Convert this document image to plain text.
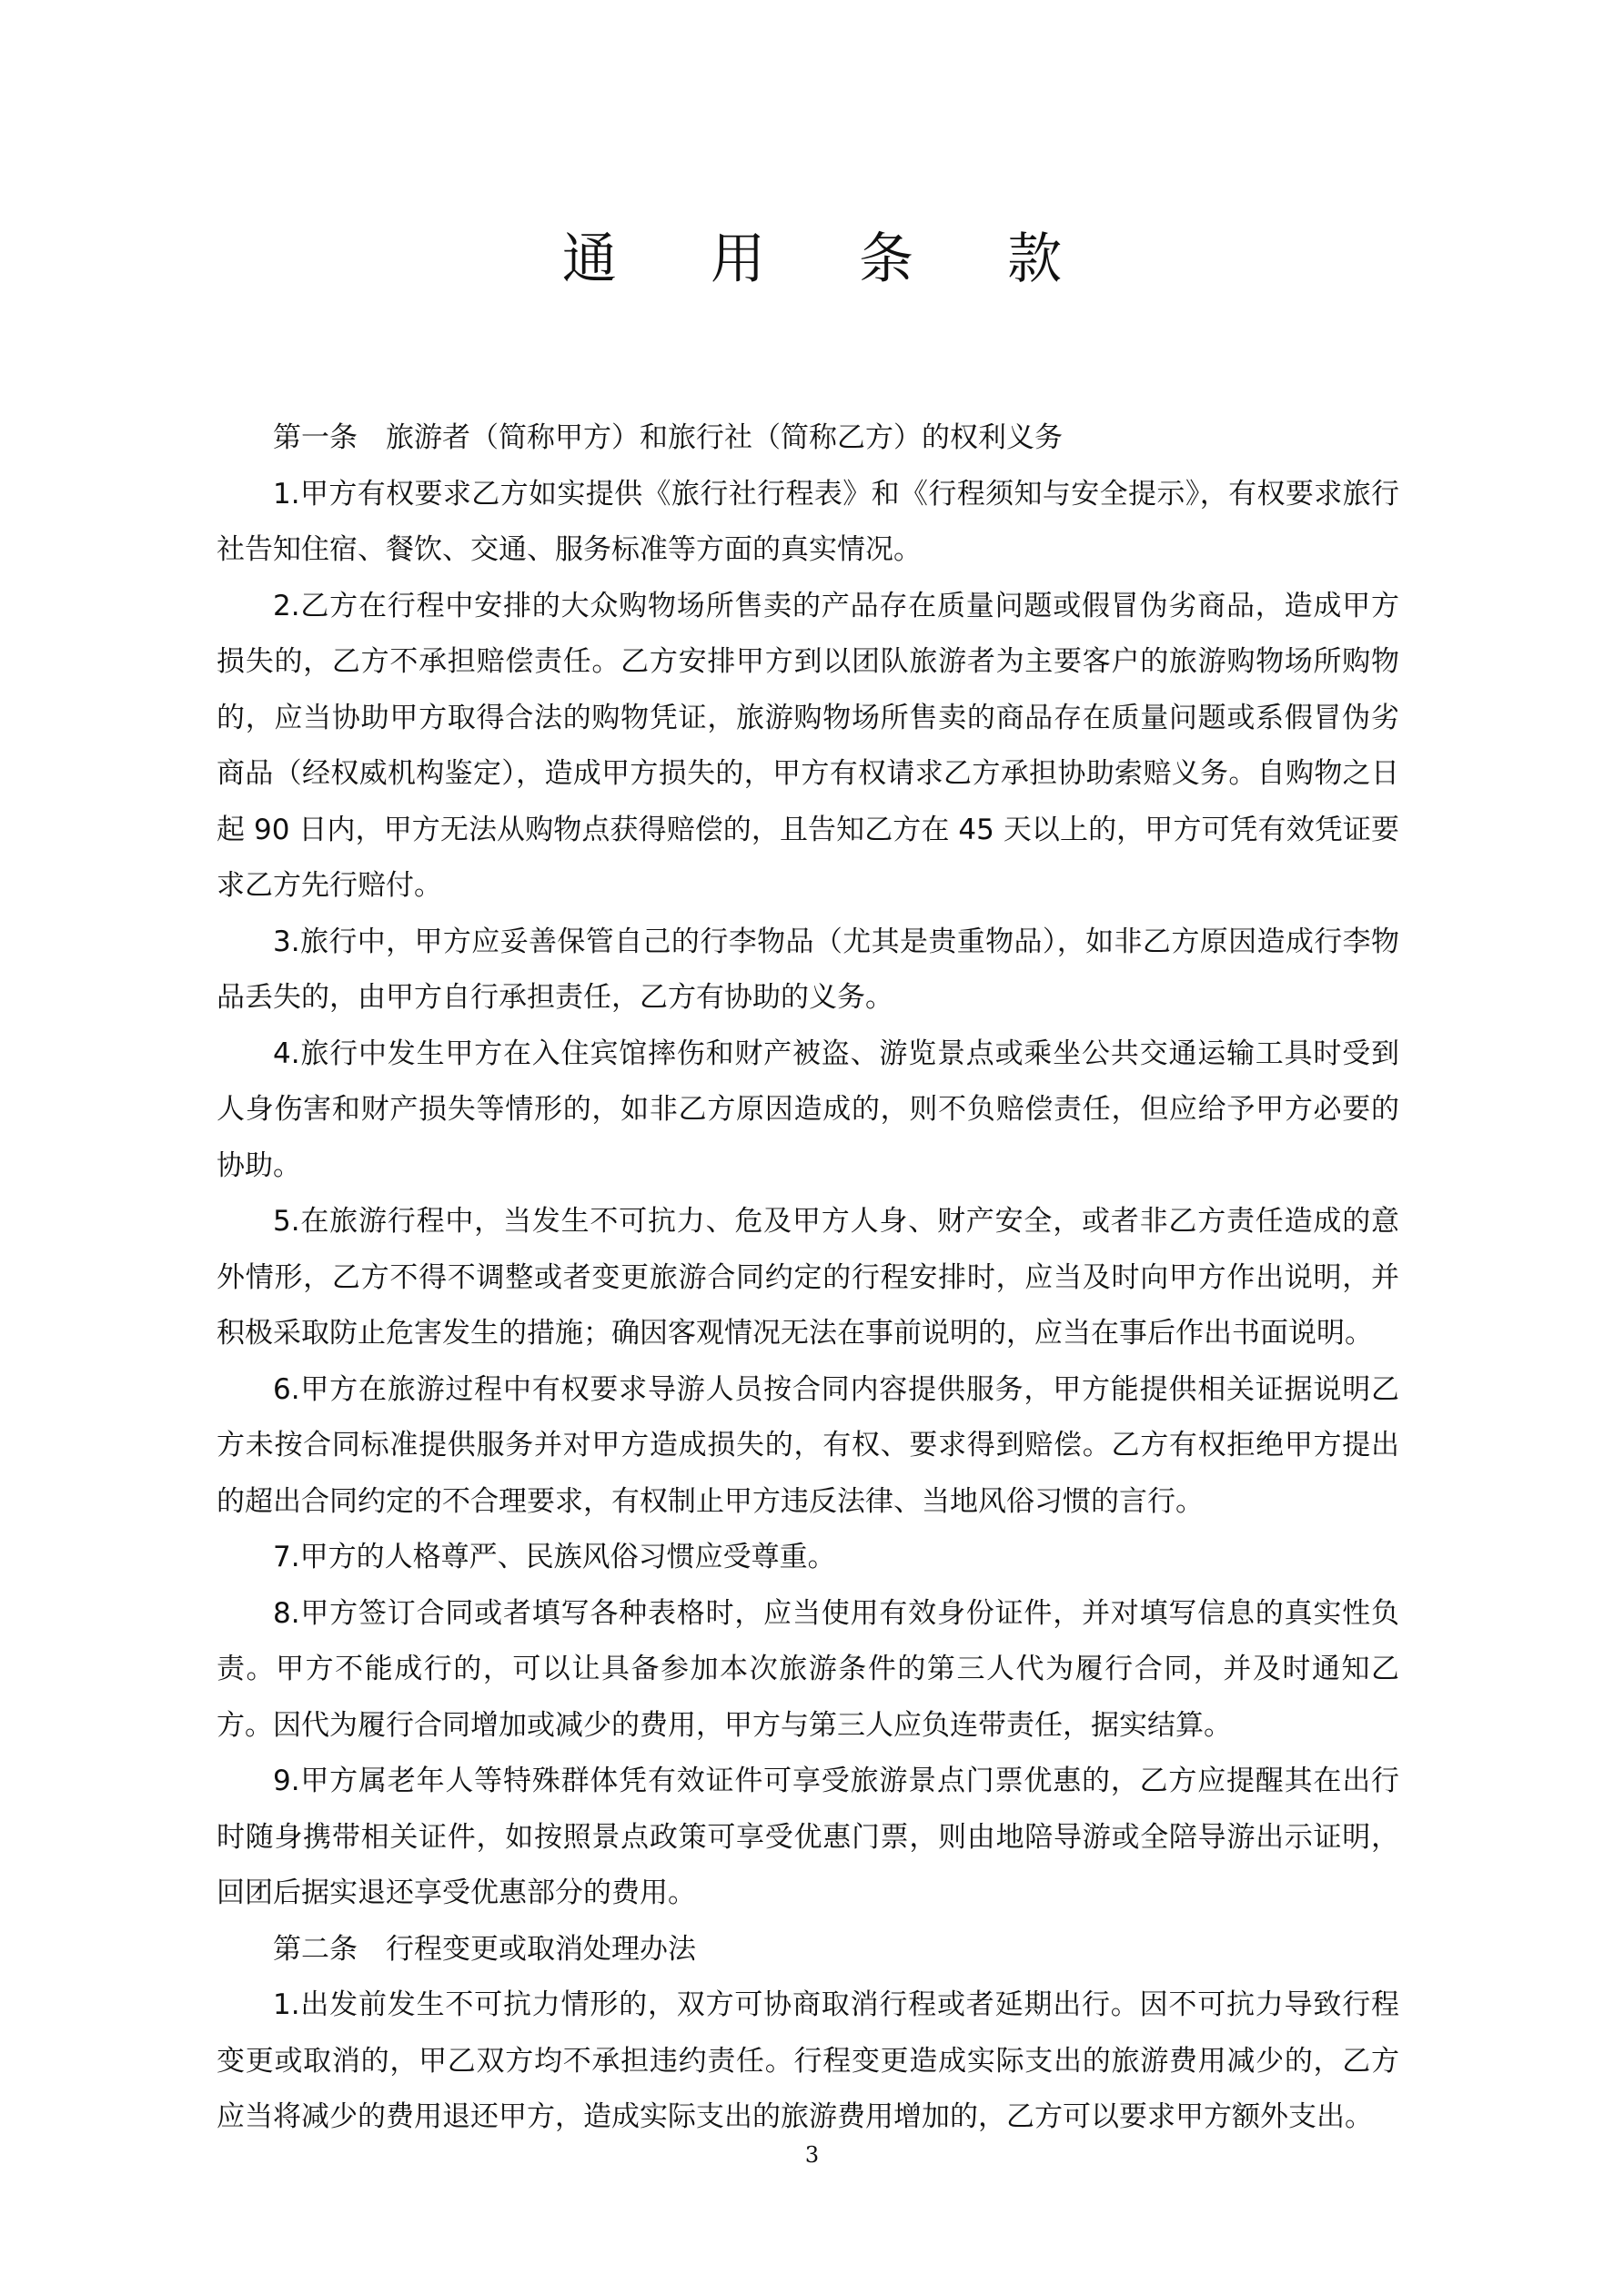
通 用 条 款

第一条　旅游者（简称甲方）和旅行社（简称乙方）的权利义务

1.甲方有权要求乙方如实提供《旅行社行程表》和《行程须知与安全提示》，有权要求旅行社告知住宿、餐饮、交通、服务标准等方面的真实情况。

2.乙方在行程中安排的大众购物场所售卖的产品存在质量问题或假冒伪劣商品，造成甲方损失的，乙方不承担赔偿责任。乙方安排甲方到以团队旅游者为主要客户的旅游购物场所购物的，应当协助甲方取得合法的购物凭证，旅游购物场所售卖的商品存在质量问题或系假冒伪劣商品（经权威机构鉴定），造成甲方损失的，甲方有权请求乙方承担协助索赔义务。自购物之日起 90 日内，甲方无法从购物点获得赔偿的，且告知乙方在 45 天以上的，甲方可凭有效凭证要求乙方先行赔付。

3.旅行中，甲方应妥善保管自己的行李物品（尤其是贵重物品），如非乙方原因造成行李物品丢失的，由甲方自行承担责任，乙方有协助的义务。

4.旅行中发生甲方在入住宾馆摔伤和财产被盗、游览景点或乘坐公共交通运输工具时受到人身伤害和财产损失等情形的，如非乙方原因造成的，则不负赔偿责任，但应给予甲方必要的协助。

5.在旅游行程中，当发生不可抗力、危及甲方人身、财产安全，或者非乙方责任造成的意外情形，乙方不得不调整或者变更旅游合同约定的行程安排时，应当及时向甲方作出说明，并积极采取防止危害发生的措施；确因客观情况无法在事前说明的，应当在事后作出书面说明。

6.甲方在旅游过程中有权要求导游人员按合同内容提供服务，甲方能提供相关证据说明乙方未按合同标准提供服务并对甲方造成损失的，有权、要求得到赔偿。乙方有权拒绝甲方提出的超出合同约定的不合理要求，有权制止甲方违反法律、当地风俗习惯的言行。

7.甲方的人格尊严、民族风俗习惯应受尊重。

8.甲方签订合同或者填写各种表格时，应当使用有效身份证件，并对填写信息的真实性负责。甲方不能成行的，可以让具备参加本次旅游条件的第三人代为履行合同，并及时通知乙方。因代为履行合同增加或减少的费用，甲方与第三人应负连带责任，据实结算。

9.甲方属老年人等特殊群体凭有效证件可享受旅游景点门票优惠的，乙方应提醒其在出行时随身携带相关证件，如按照景点政策可享受优惠门票，则由地陪导游或全陪导游出示证明，回团后据实退还享受优惠部分的费用。

第二条　行程变更或取消处理办法

1.出发前发生不可抗力情形的，双方可协商取消行程或者延期出行。因不可抗力导致行程变更或取消的，甲乙双方均不承担违约责任。行程变更造成实际支出的旅游费用减少的，乙方应当将减少的费用退还甲方，造成实际支出的旅游费用增加的，乙方可以要求甲方额外支出。

3
